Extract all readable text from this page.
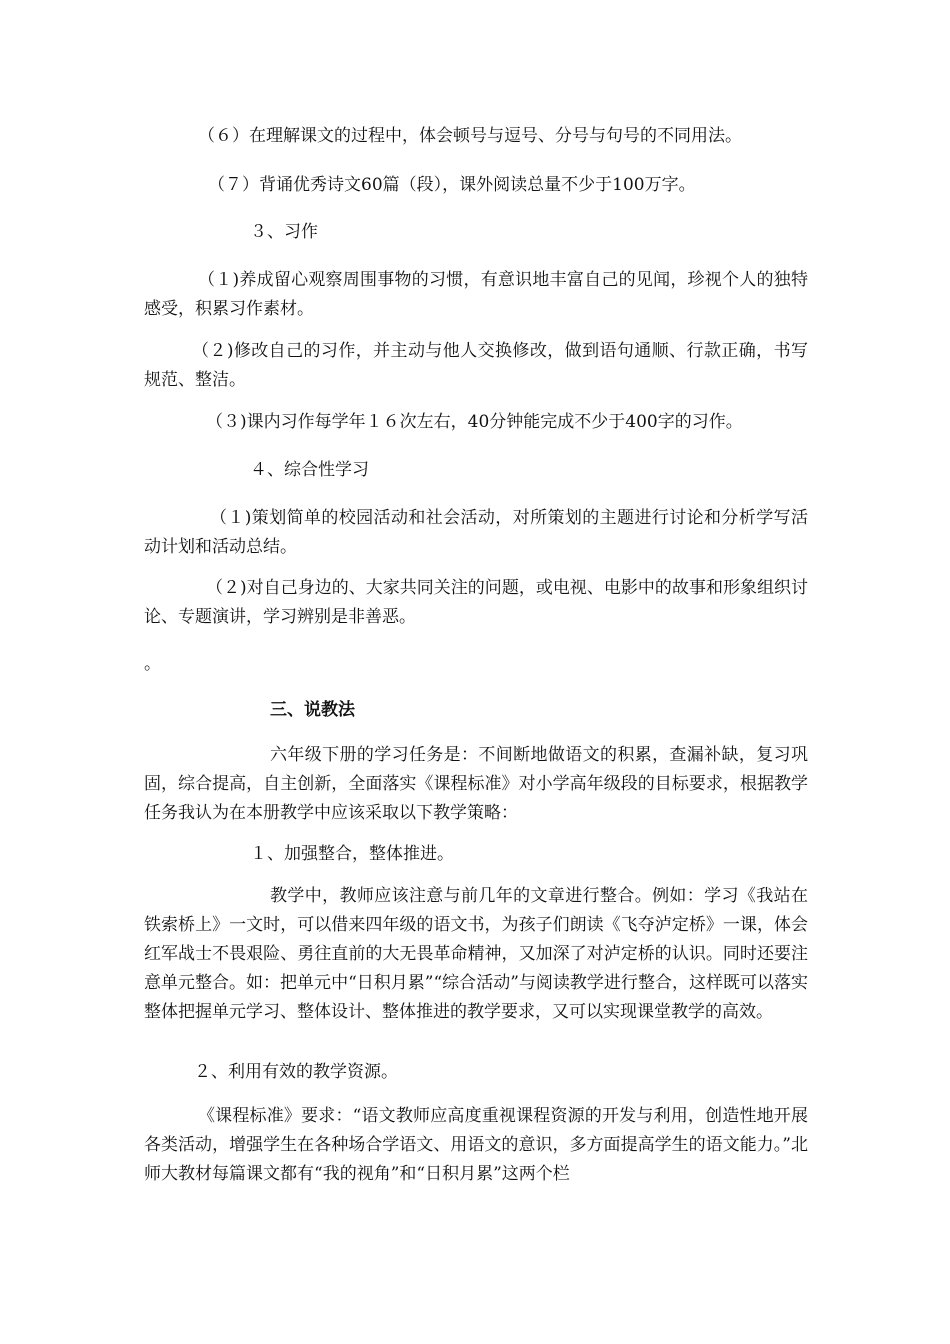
（６）在理解课文的过程中，体会顿号与逗号、分号与句号的不同用法。

（７）背诵优秀诗文60篇（段），课外阅读总量不少于100万字。

３、习作

（１)养成留心观察周围事物的习惯，有意识地丰富自己的见闻，珍视个人的独特感受，积累习作素材。

（２)修改自己的习作，并主动与他人交换修改，做到语句通顺、行款正确，书写规范、整洁。

（３)课内习作每学年１６次左右，40分钟能完成不少于400字的习作。

４、综合性学习

（１)策划简单的校园活动和社会活动，对所策划的主题进行讨论和分析学写活动计划和活动总结。

（２)对自己身边的、大家共同关注的问题，或电视、电影中的故事和形象组织讨论、专题演讲，学习辨别是非善恶。

。

三、说教法

六年级下册的学习任务是：不间断地做语文的积累，查漏补缺，复习巩固，综合提高，自主创新，全面落实《课程标准》对小学高年级段的目标要求，根据教学任务我认为在本册教学中应该采取以下教学策略：

１、加强整合，整体推进。

教学中，教师应该注意与前几年的文章进行整合。例如：学习《我站在铁索桥上》一文时，可以借来四年级的语文书，为孩子们朗读《飞夺泸定桥》一课，体会红军战士不畏艰险、勇往直前的大无畏革命精神，又加深了对泸定桥的认识。同时还要注意单元整合。如：把单元中“日积月累”“综合活动”与阅读教学进行整合，这样既可以落实整体把握单元学习、整体设计、整体推进的教学要求，又可以实现课堂教学的高效。

２、利用有效的教学资源。

《课程标准》要求：“语文教师应高度重视课程资源的开发与利用，创造性地开展各类活动，增强学生在各种场合学语文、用语文的意识，多方面提高学生的语文能力。”北师大教材每篇课文都有“我的视角”和“日积月累”这两个栏
